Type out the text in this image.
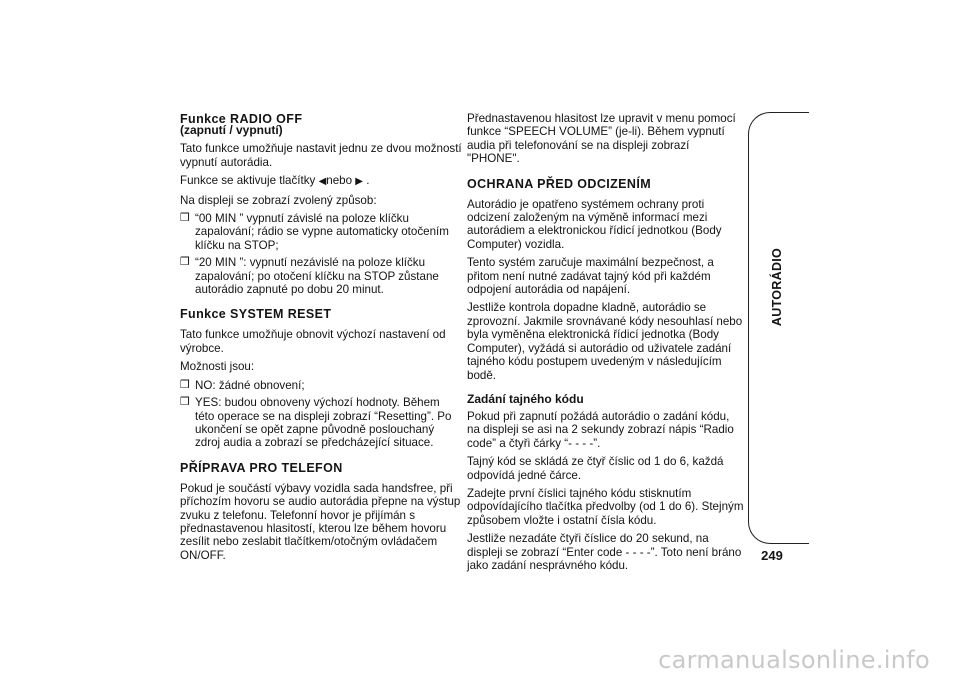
Funkce RADIO OFF

(zapnutí / vypnutí)

Tato funkce umožňuje nastavit jednu ze dvou možností vypnutí autorádia.

Funkce se aktivuje tlačítky ◀nebo ▶ .

Na displeji se zobrazí zvolený způsob:

❒ “00 MIN ” vypnutí závislé na poloze klíčku zapalování; rádio se vypne automaticky otočením klíčku na STOP;
❒ “20 MIN ”: vypnutí nezávislé na poloze klíčku zapalování; po otočení klíčku na STOP zůstane autorádio zapnuté po dobu 20 minut.
Funkce SYSTEM RESET

Tato funkce umožňuje obnovit výchozí nastavení od výrobce.

Možnosti jsou:

❒ NO: žádné obnovení;
❒ YES: budou obnoveny výchozí hodnoty. Během této operace se na displeji zobrazí “Resetting”. Po ukončení se opět zapne původně poslouchaný zdroj audia a zobrazí se předcházející situace.
PŘÍPRAVA PRO TELEFON

Pokud je součástí výbavy vozidla sada handsfree, při příchozím hovoru se audio autorádia přepne na výstup zvuku z telefonu. Telefonní hovor je přijímán s přednastavenou hlasitostí, kterou lze během hovoru zesílit nebo zeslabit tlačítkem/otočným ovládačem ON/OFF.

Přednastavenou hlasitost lze upravit v menu pomocí funkce “SPEECH VOLUME” (je-li). Během vypnutí audia při telefonování se na displeji zobrazí "PHONE".

OCHRANA PŘED ODCIZENÍM

Autorádio je opatřeno systémem ochrany proti odcizení založeným na výměně informací mezi autorádiem a elektronickou řídicí jednotkou (Body Computer) vozidla.

Tento systém zaručuje maximální bezpečnost, a přitom není nutné zadávat tajný kód při každém odpojení autorádia od napájení.

Jestliže kontrola dopadne kladně, autorádio se zprovozní. Jakmile srovnávané kódy nesouhlasí nebo byla vyměněna elektronická řídicí jednotka (Body Computer), vyžádá si autorádio od uživatele zadání tajného kódu postupem uvedeným v následujícím bodě.

Zadání tajného kódu

Pokud při zapnutí požádá autorádio o zadání kódu, na displeji se asi na 2 sekundy zobrazí nápis “Radio code” a čtyři čárky “- - - -”.

Tajný kód se skládá ze čtyř číslic od 1 do 6, každá odpovídá jedné čárce.

Zadejte první číslici tajného kódu stisknutím odpovídajícího tlačítka předvolby (od 1 do 6). Stejným způsobem vložte i ostatní čísla kódu.

Jestliže nezadáte čtyři číslice do 20 sekund, na displeji se zobrazí “Enter code - - - -”. Toto není bráno jako zadání nesprávného kódu.

AUTORÁDIO
249
carmanualsonline.info
